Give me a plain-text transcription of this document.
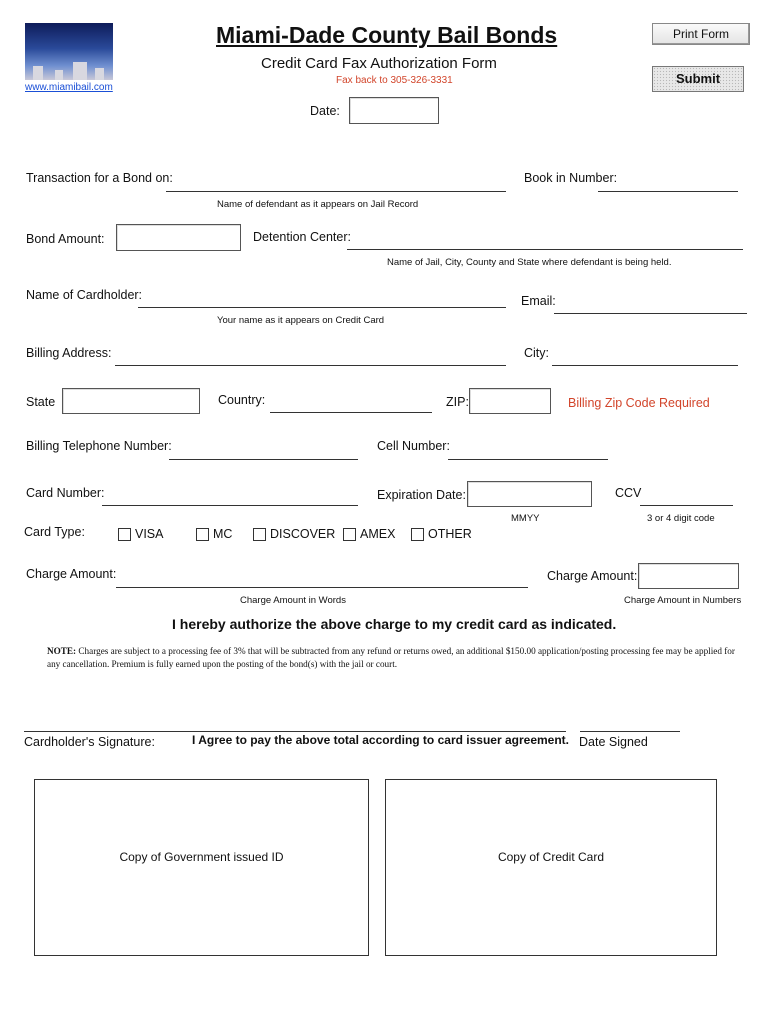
www.miamibail.com
Miami-Dade County Bail Bonds
Credit Card Fax Authorization Form
Fax back to 305-326-3331
Print Form
Submit
Date:
Transaction for a Bond on:
Name of defendant as it appears on Jail Record
Book in Number:
Bond Amount:	Detention Center:
Name of Jail, City, County and State where defendant is being held.
Name of Cardholder:
Your name as it appears on Credit Card
Email:
Billing Address:	City:
State	Country:	ZIP:	Billing Zip Code Required
Billing Telephone Number:	Cell Number:
Card Number:	Expiration Date:
MMYY
CCV
3 or 4 digit code
Card Type:	VISA	MC	DISCOVER AMEX	OTHER
Charge Amount:
Charge Amount in Words
Charge Amount:
Charge Amount in Numbers
I hereby authorize the above charge to my credit card as indicated.
NOTE: Charges are subject to a processing fee of 3% that will be subtracted from any refund or returns owed, an additional $150.00 application/posting processing fee may be applied for any cancellation. Premium is fully earned upon the posting of the bond(s) with the jail or court.
Cardholder's Signature:	I Agree to pay the above total according to card issuer agreement. Date Signed
Copy of Government issued ID	Copy of Credit Card
